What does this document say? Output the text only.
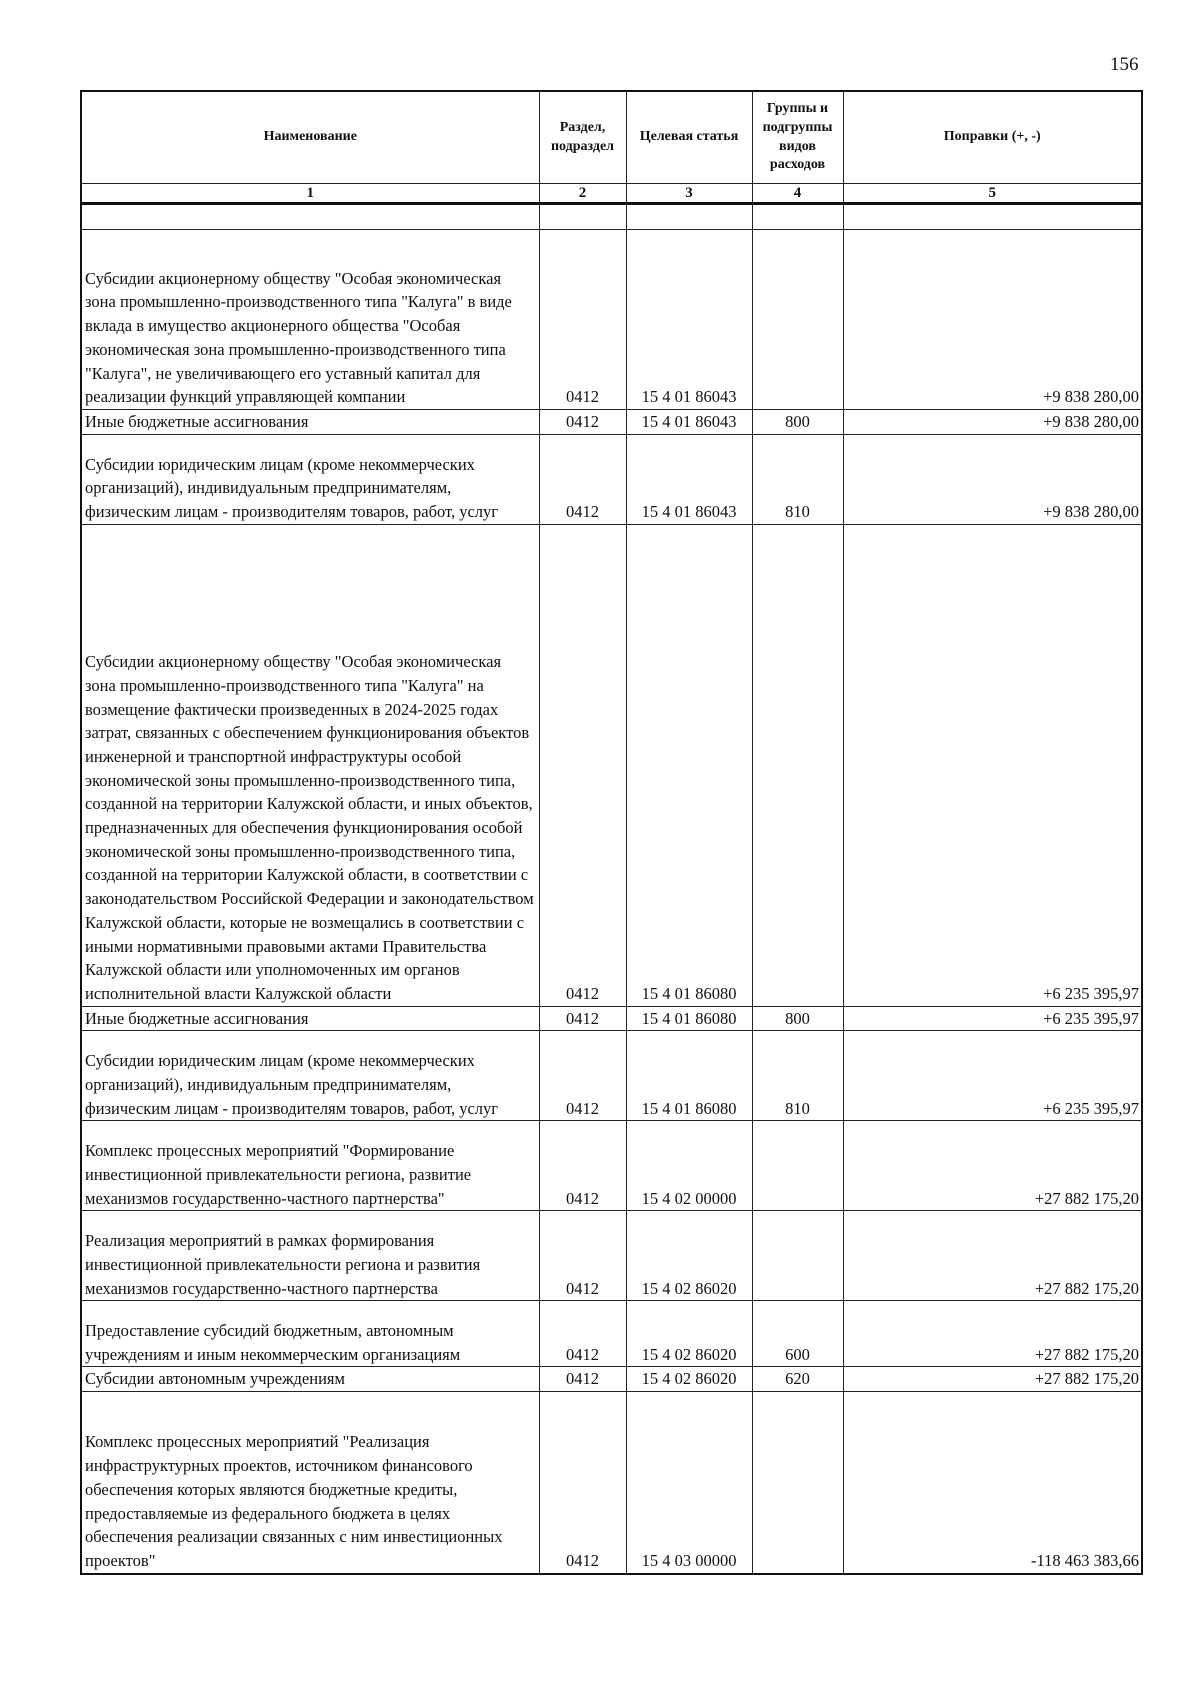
156
Наименование	Раздел, подраздел	Целевая статья	Группы и подгруппы видов расходов	Поправки (+, -)
1	2	3	4	5

Субсидии акционерному обществу "Особая экономическая зона промышленно-производственного типа "Калуга" в виде вклада в имущество акционерного общества "Особая экономическая зона промышленно-производственного типа "Калуга", не увеличивающего его уставный капитал для реализации функций управляющей компании	0412	15 4 01 86043		+9 838 280,00
Иные бюджетные ассигнования	0412	15 4 01 86043	800	+9 838 280,00
Субсидии юридическим лицам (кроме некоммерческих организаций), индивидуальным предпринимателям, физическим лицам - производителям товаров, работ, услуг	0412	15 4 01 86043	810	+9 838 280,00
Субсидии акционерному обществу "Особая экономическая зона промышленно-производственного типа "Калуга" на возмещение фактически произведенных в 2024-2025 годах затрат, связанных с обеспечением функционирования объектов инженерной и транспортной инфраструктуры особой экономической зоны промышленно-производственного типа, созданной на территории Калужской области, и иных объектов, предназначенных для обеспечения функционирования особой экономической зоны промышленно-производственного типа, созданной на территории Калужской области, в соответствии с законодательством Российской Федерации и законодательством Калужской области, которые не возмещались в соответствии с иными нормативными правовыми актами Правительства Калужской области или уполномоченных им органов исполнительной власти Калужской области	0412	15 4 01 86080		+6 235 395,97
Иные бюджетные ассигнования	0412	15 4 01 86080	800	+6 235 395,97
Субсидии юридическим лицам (кроме некоммерческих организаций), индивидуальным предпринимателям, физическим лицам - производителям товаров, работ, услуг	0412	15 4 01 86080	810	+6 235 395,97
Комплекс процессных мероприятий "Формирование инвестиционной привлекательности региона, развитие механизмов государственно-частного партнерства"	0412	15 4 02 00000		+27 882 175,20
Реализация мероприятий в рамках формирования инвестиционной привлекательности региона и развития механизмов государственно-частного партнерства	0412	15 4 02 86020		+27 882 175,20
Предоставление субсидий бюджетным, автономным учреждениям и иным некоммерческим организациям	0412	15 4 02 86020	600	+27 882 175,20
Субсидии автономным учреждениям	0412	15 4 02 86020	620	+27 882 175,20
Комплекс процессных мероприятий "Реализация инфраструктурных проектов, источником финансового обеспечения которых являются бюджетные кредиты, предоставляемые из федерального бюджета в целях обеспечения реализации связанных с ним инвестиционных проектов"	0412	15 4 03 00000		-118 463 383,66
